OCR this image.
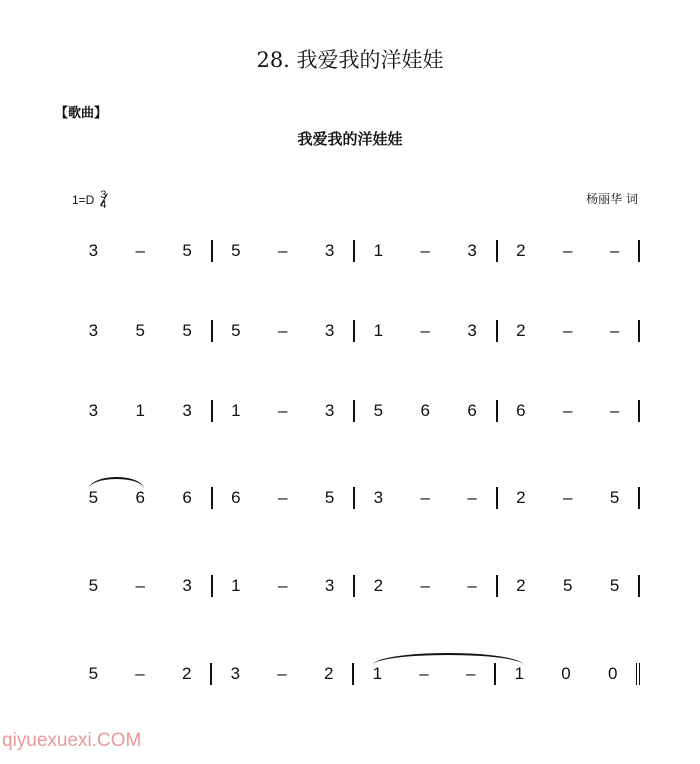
28. 我爱我的洋娃娃
【歌曲】
我爱我的洋娃娃
1=D 3
4	杨丽华 词
3	–	5	5	–	3	1	–	3	2	–	–
3	5	5	5	–	3	1	–	3	2	–	–
3	1	3	1	–	3	5	6	6	6	–	–
5	6	6	6	–	5	3	–	–	2	–	5
5	–	3	1	–	3	2	–	–	2	5	5
5	–	2	3	–	2	1	–	–	1	0	0
qiyuexuexi.COM
